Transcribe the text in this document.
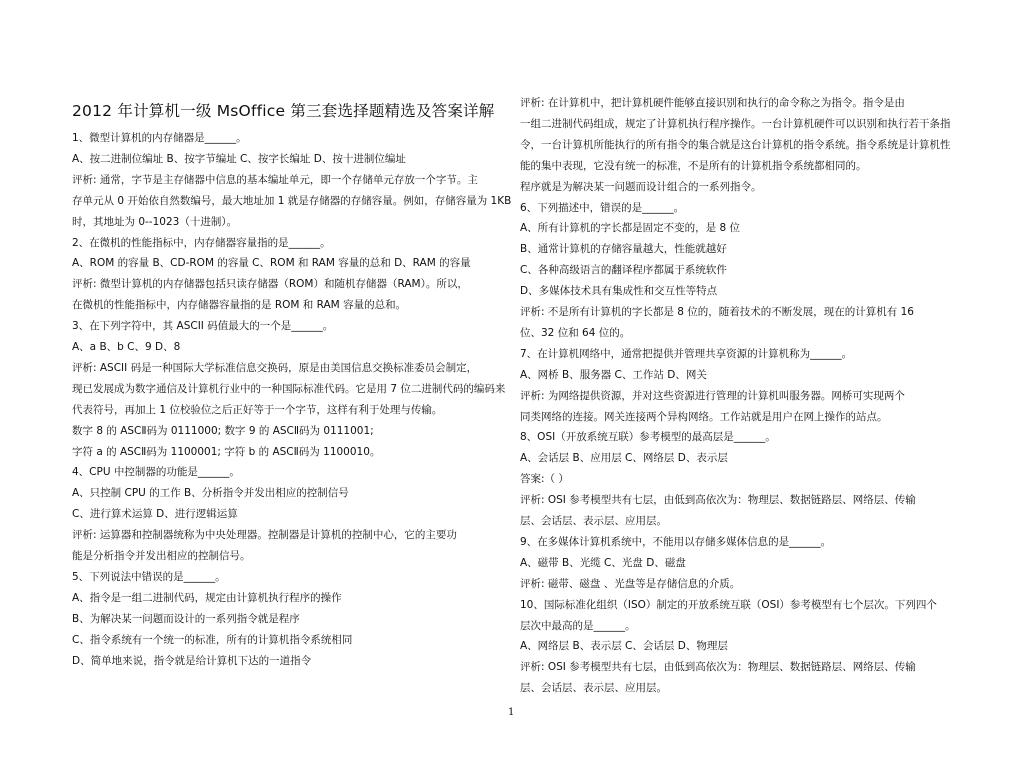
2012 年计算机一级 MsOffice 第三套选择题精选及答案详解
1、微型计算机的内存储器是______。
A、按二进制位编址 B、按字节编址 C、按字长编址 D、按十进制位编址
评析: 通常，字节是主存储器中信息的基本编址单元，即一个存储单元存放一个字节。主
存单元从 0 开始依自然数编号，最大地址加 1 就是存储器的存储容量。例如，存储容量为 1KB
时，其地址为 0--1023（十进制）。
2、在微机的性能指标中，内存储器容量指的是______。
A、ROM 的容量 B、CD-ROM 的容量 C、ROM 和 RAM 容量的总和 D、RAM 的容量
评析: 微型计算机的内存储器包括只读存储器（ROM）和随机存储器（RAM）。所以，
在微机的性能指标中，内存储器容量指的是 ROM 和 RAM 容量的总和。
3、在下列字符中，其 ASCII 码值最大的一个是______。
A、a B、b C、9 D、8
评析: ASCII 码是一种国际大学标准信息交换码，原是由美国信息交换标准委员会制定，
现已发展成为数字通信及计算机行业中的一种国际标准代码。它是用 7 位二进制代码的编码来
代表符号，再加上 1 位校验位之后正好等于一个字节，这样有利于处理与传输。
数字 8 的 ASCⅡ码为 0111000; 数字 9 的 ASCⅡ码为 0111001;
字符 a 的 ASCⅡ码为 1100001; 字符 b 的 ASCⅡ码为 1100010。
4、CPU 中控制器的功能是______。
A、只控制 CPU 的工作 B、分析指令并发出相应的控制信号
C、进行算术运算 D、进行逻辑运算
评析: 运算器和控制器统称为中央处理器。控制器是计算机的控制中心，它的主要功
能是分析指令并发出相应的控制信号。
5、下列说法中错误的是______。
A、指令是一组二进制代码，规定由计算机执行程序的操作
B、为解决某一问题而设计的一系列指令就是程序
C、指令系统有一个统一的标准，所有的计算机指令系统相同
D、简单地来说，指令就是给计算机下达的一道指令
评析: 在计算机中，把计算机硬件能够直接识别和执行的命令称之为指令。指令是由
一组二进制代码组成，规定了计算机执行程序操作。一台计算机硬件可以识别和执行若干条指
令，一台计算机所能执行的所有指令的集合就是这台计算机的指令系统。指令系统是计算机性
能的集中表现，它没有统一的标准，不是所有的计算机指令系统都相同的。
程序就是为解决某一问题而设计组合的一系列指令。
6、下列描述中，错误的是______。
A、所有计算机的字长都是固定不变的，是 8 位
B、通常计算机的存储容量越大，性能就越好
C、各种高级语言的翻译程序都属于系统软件
D、多媒体技术具有集成性和交互性等特点
评析: 不是所有计算机的字长都是 8 位的，随着技术的不断发展，现在的计算机有 16
位、32 位和 64 位的。
7、在计算机网络中，通常把提供并管理共享资源的计算机称为______。
A、网桥 B、服务器 C、工作站 D、网关
评析: 为网络提供资源，并对这些资源进行管理的计算机叫服务器。网桥可实现两个
同类网络的连接。网关连接两个异构网络。工作站就是用户在网上操作的站点。
8、OSI（开放系统互联）参考模型的最高层是______。
A、会话层 B、应用层 C、网络层 D、表示层
答案:（ ）
评析: OSI 参考模型共有七层，由低到高依次为：物理层、数据链路层、网络层、传输
层、会话层、表示层、应用层。
9、在多媒体计算机系统中，不能用以存储多媒体信息的是______。
A、磁带 B、光缆 C、光盘 D、磁盘
评析: 磁带、磁盘 、光盘等是存储信息的介质。
10、国际标准化组织（ISO）制定的开放系统互联（OSI）参考模型有七个层次。下列四个
层次中最高的是______。
A、网络层 B、表示层 C、会话层 D、物理层
评析: OSI 参考模型共有七层，由低到高依次为：物理层、数据链路层、网络层、传输
层、会话层、表示层、应用层。
1
